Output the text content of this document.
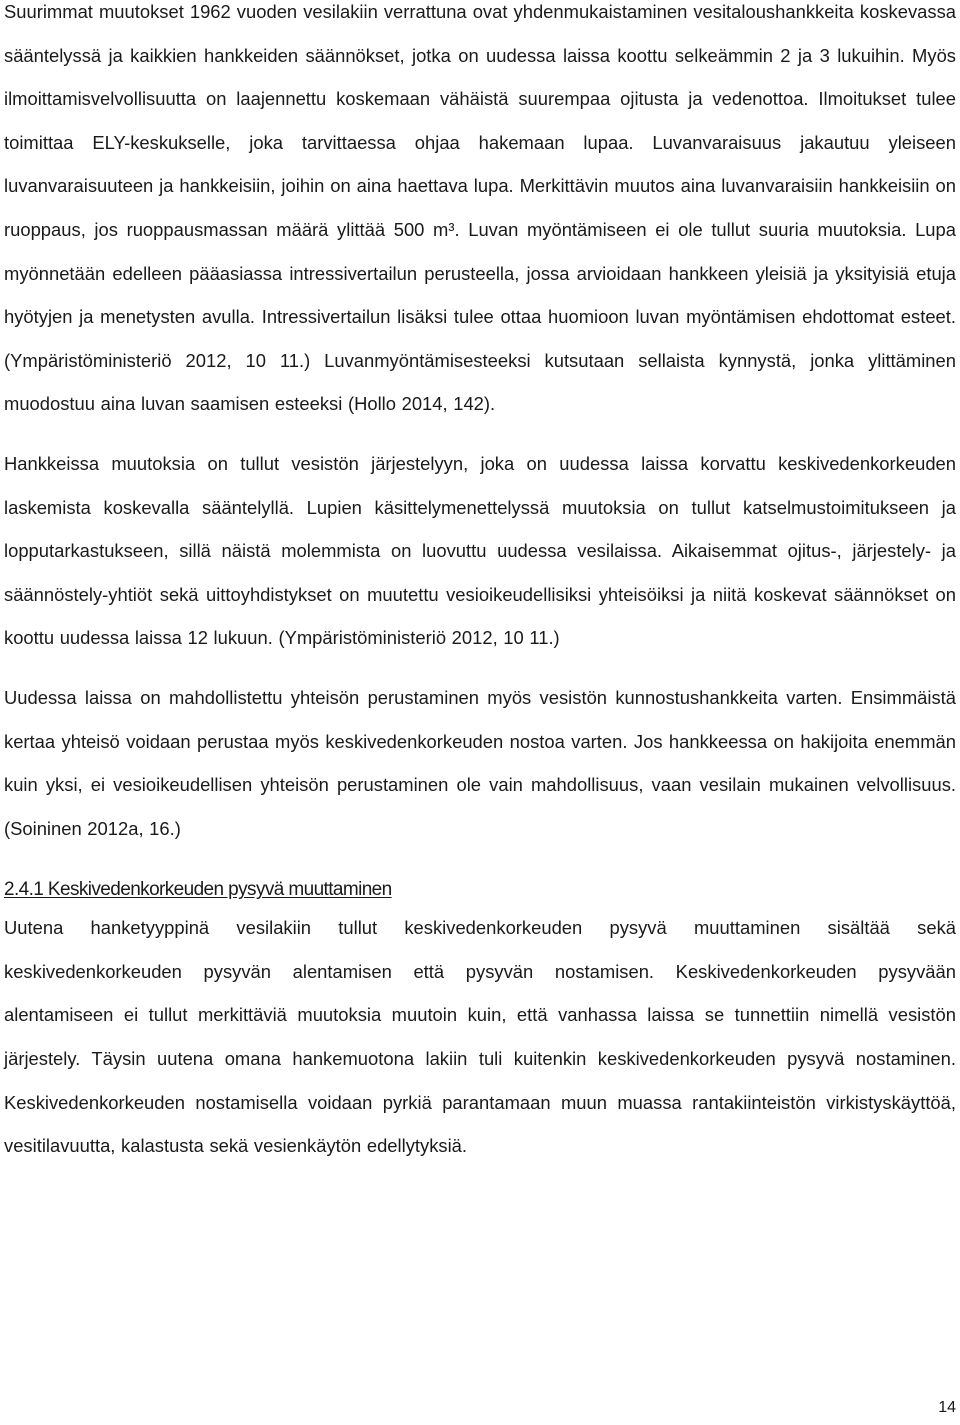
Suurimmat muutokset 1962 vuoden vesilakiin verrattuna ovat yhdenmukaistaminen vesitaloushankkeita koskevassa sääntelyssä ja kaikkien hankkeiden säännökset, jotka on uudessa laissa koottu selkeämmin 2 ja 3 lukuihin. Myös ilmoittamisvelvollisuutta on laajennettu koskemaan vähäistä suurempaa ojitusta ja vedenottoa. Ilmoitukset tulee toimittaa ELY-keskukselle, joka tarvittaessa ohjaa hakemaan lupaa. Luvanvaraisuus jakautuu yleiseen luvanvaraisuuteen ja hankkeisiin, joihin on aina haettava lupa. Merkittävin muutos aina luvanvaraisiin hankkeisiin on ruoppaus, jos ruoppausmassan määrä ylittää 500 m³. Luvan myöntämiseen ei ole tullut suuria muutoksia. Lupa myönnetään edelleen pääasiassa intressivertailun perusteella, jossa arvioidaan hankkeen yleisiä ja yksityisiä etuja hyötyjen ja menetysten avulla. Intressivertailun lisäksi tulee ottaa huomioon luvan myöntämisen ehdottomat esteet. (Ympäristöministeriö 2012, 10 11.) Luvanmyöntämisesteeksi kutsutaan sellaista kynnystä, jonka ylittäminen muodostuu aina luvan saamisen esteeksi (Hollo 2014, 142).

Hankkeissa muutoksia on tullut vesistön järjestelyyn, joka on uudessa laissa korvattu keskivedenkorkeuden laskemista koskevalla sääntelyllä. Lupien käsittelymenettelyssä muutoksia on tullut katselmustoimitukseen ja lopputarkastukseen, sillä näistä molemmista on luovuttu uudessa vesilaissa. Aikaisemmat ojitus-, järjestely- ja säännöstely-yhtiöt sekä uittoyhdistykset on muutettu vesioikeudellisiksi yhteisöiksi ja niitä koskevat säännökset on koottu uudessa laissa 12 lukuun. (Ympäristöministeriö 2012, 10 11.)

Uudessa laissa on mahdollistettu yhteisön perustaminen myös vesistön kunnostushankkeita varten. Ensimmäistä kertaa yhteisö voidaan perustaa myös keskivedenkorkeuden nostoa varten. Jos hankkeessa on hakijoita enemmän kuin yksi, ei vesioikeudellisen yhteisön perustaminen ole vain mahdollisuus, vaan vesilain mukainen velvollisuus. (Soininen 2012a, 16.)

2.4.1 Keskivedenkorkeuden pysyvä muuttaminen

Uutena hanketyyppinä vesilakiin tullut keskivedenkorkeuden pysyvä muuttaminen sisältää sekä keskivedenkorkeuden pysyvän alentamisen että pysyvän nostamisen. Keskivedenkorkeuden pysyvään alentamiseen ei tullut merkittäviä muutoksia muutoin kuin, että vanhassa laissa se tunnettiin nimellä vesistön järjestely. Täysin uutena omana hankemuotona lakiin tuli kuitenkin keskivedenkorkeuden pysyvä nostaminen. Keskivedenkorkeuden nostamisella voidaan pyrkiä parantamaan muun muassa rantakiinteistön virkistyskäyttöä, vesitilavuutta, kalastusta sekä vesienkäytön edellytyksiä.

14
